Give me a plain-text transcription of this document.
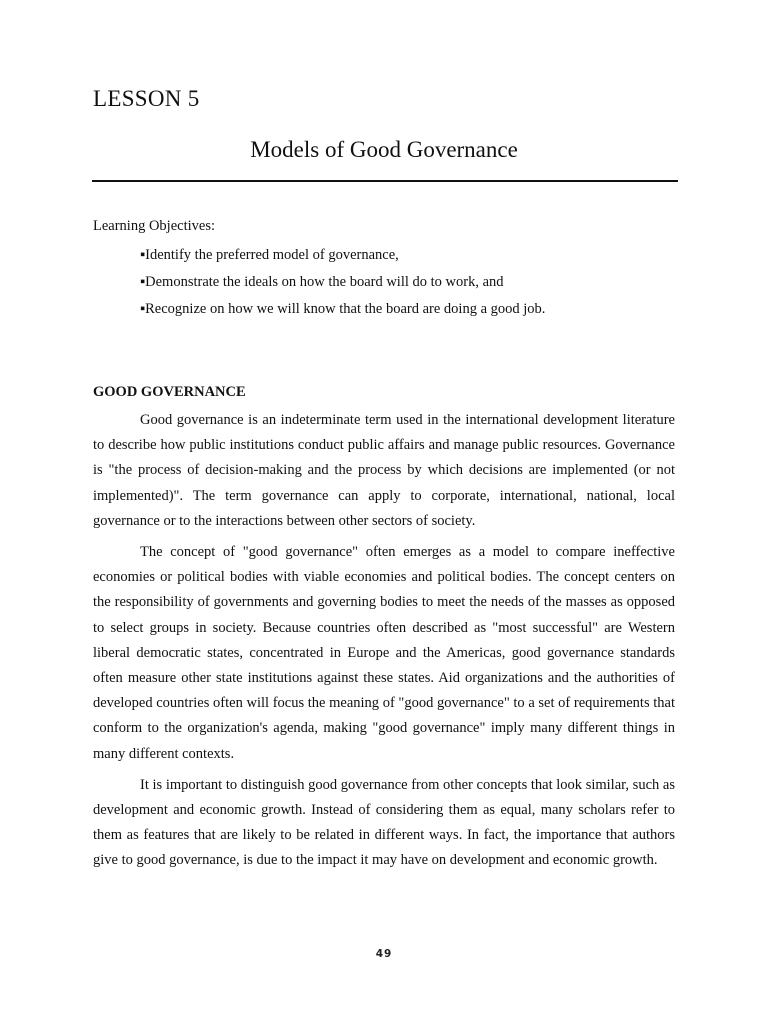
LESSON 5
Models of Good Governance

Learning Objectives:

▪Identify the preferred model of governance,
▪Demonstrate the ideals on how the board will do to work, and
▪Recognize on how we will know that the board are doing a good job.
GOOD GOVERNANCE

Good governance is an indeterminate term used in the international development literature to describe how public institutions conduct public affairs and manage public resources. Governance is "the process of decision-making and the process by which decisions are implemented (or not implemented)". The term governance can apply to corporate, international, national, local governance or to the interactions between other sectors of society.

The concept of "good governance" often emerges as a model to compare ineffective economies or political bodies with viable economies and political bodies. The concept centers on the responsibility of governments and governing bodies to meet the needs of the masses as opposed to select groups in society. Because countries often described as "most successful" are Western liberal democratic states, concentrated in Europe and the Americas, good governance standards often measure other state institutions against these states. Aid organizations and the authorities of developed countries often will focus the meaning of "good governance" to a set of requirements that conform to the organization's agenda, making "good governance" imply many different things in many different contexts.

It is important to distinguish good governance from other concepts that look similar, such as development and economic growth. Instead of considering them as equal, many scholars refer to them as features that are likely to be related in different ways. In fact, the importance that authors give to good governance, is due to the impact it may have on development and economic growth.

49
